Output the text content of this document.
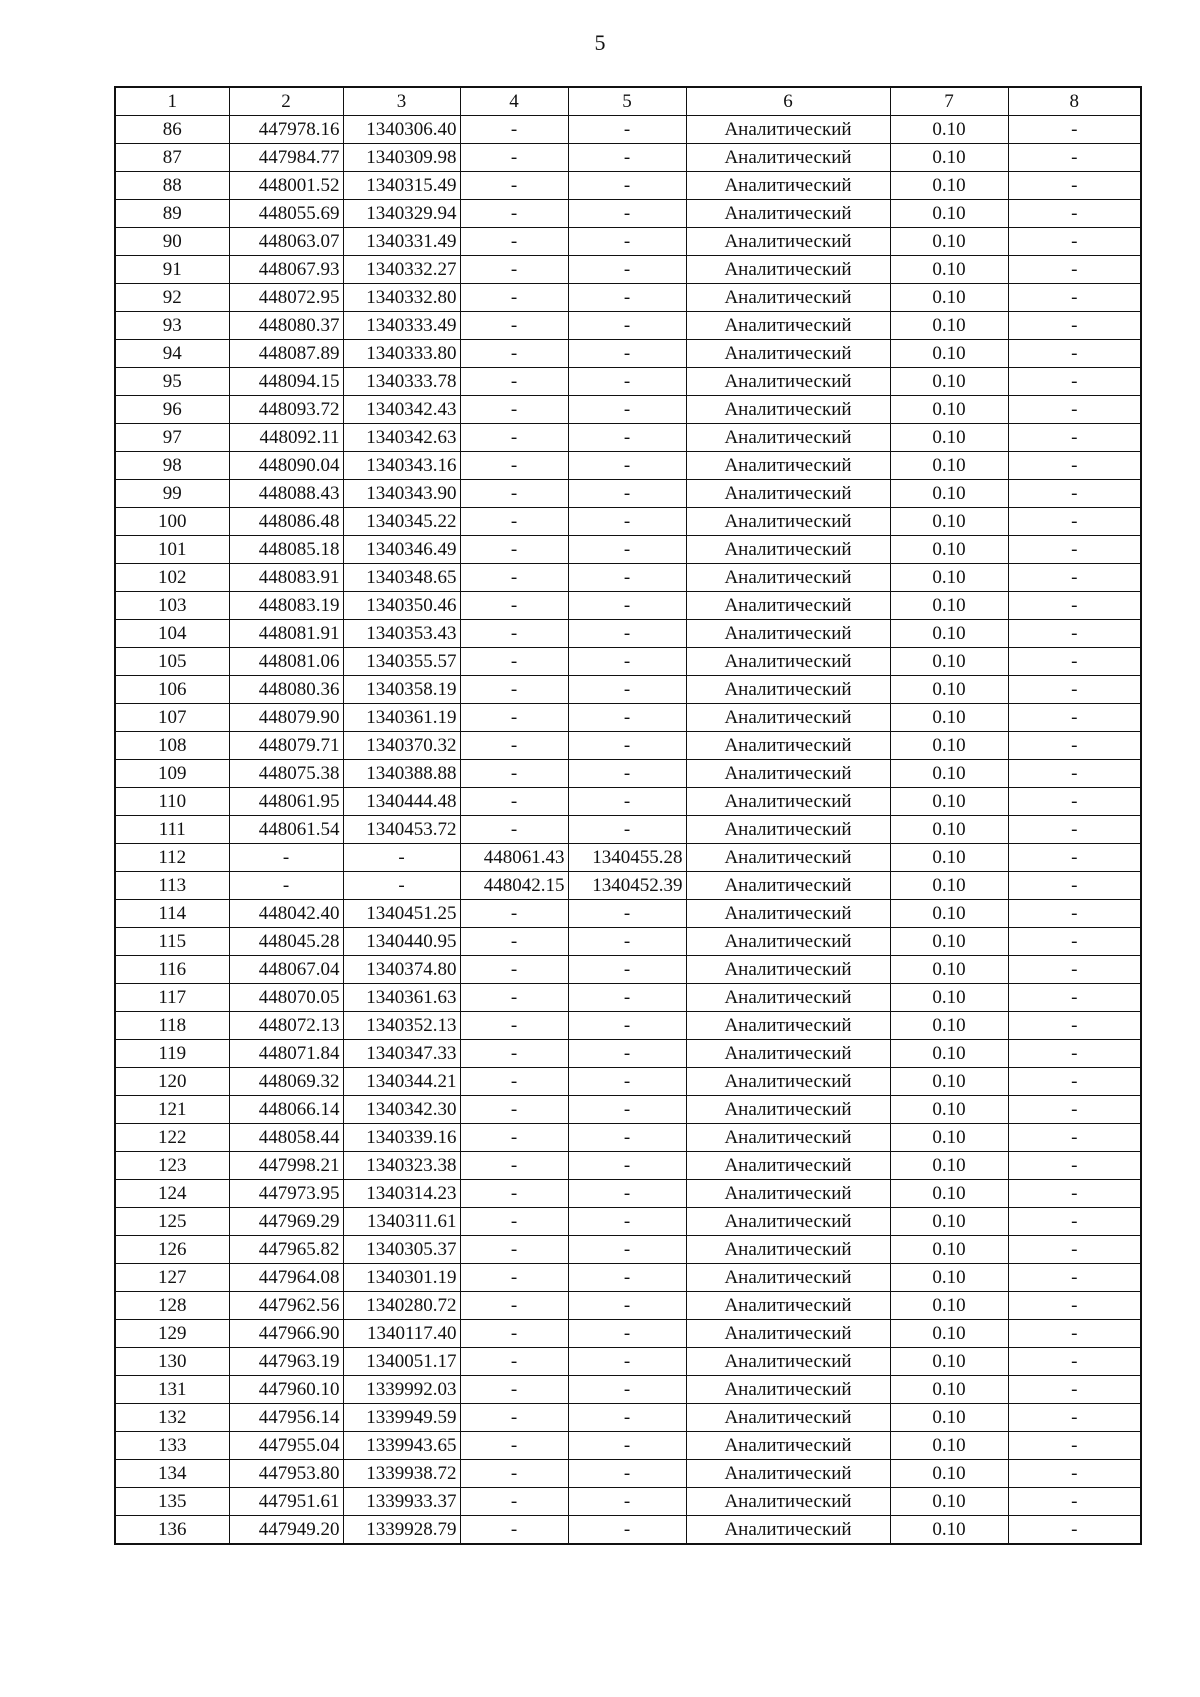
5
1	2	3	4	5	6	7	8
86	447978.16	1340306.40	-	-	Аналитический	0.10	-
87	447984.77	1340309.98	-	-	Аналитический	0.10	-
88	448001.52	1340315.49	-	-	Аналитический	0.10	-
89	448055.69	1340329.94	-	-	Аналитический	0.10	-
90	448063.07	1340331.49	-	-	Аналитический	0.10	-
91	448067.93	1340332.27	-	-	Аналитический	0.10	-
92	448072.95	1340332.80	-	-	Аналитический	0.10	-
93	448080.37	1340333.49	-	-	Аналитический	0.10	-
94	448087.89	1340333.80	-	-	Аналитический	0.10	-
95	448094.15	1340333.78	-	-	Аналитический	0.10	-
96	448093.72	1340342.43	-	-	Аналитический	0.10	-
97	448092.11	1340342.63	-	-	Аналитический	0.10	-
98	448090.04	1340343.16	-	-	Аналитический	0.10	-
99	448088.43	1340343.90	-	-	Аналитический	0.10	-
100	448086.48	1340345.22	-	-	Аналитический	0.10	-
101	448085.18	1340346.49	-	-	Аналитический	0.10	-
102	448083.91	1340348.65	-	-	Аналитический	0.10	-
103	448083.19	1340350.46	-	-	Аналитический	0.10	-
104	448081.91	1340353.43	-	-	Аналитический	0.10	-
105	448081.06	1340355.57	-	-	Аналитический	0.10	-
106	448080.36	1340358.19	-	-	Аналитический	0.10	-
107	448079.90	1340361.19	-	-	Аналитический	0.10	-
108	448079.71	1340370.32	-	-	Аналитический	0.10	-
109	448075.38	1340388.88	-	-	Аналитический	0.10	-
110	448061.95	1340444.48	-	-	Аналитический	0.10	-
111	448061.54	1340453.72	-	-	Аналитический	0.10	-
112	-	-	448061.43	1340455.28	Аналитический	0.10	-
113	-	-	448042.15	1340452.39	Аналитический	0.10	-
114	448042.40	1340451.25	-	-	Аналитический	0.10	-
115	448045.28	1340440.95	-	-	Аналитический	0.10	-
116	448067.04	1340374.80	-	-	Аналитический	0.10	-
117	448070.05	1340361.63	-	-	Аналитический	0.10	-
118	448072.13	1340352.13	-	-	Аналитический	0.10	-
119	448071.84	1340347.33	-	-	Аналитический	0.10	-
120	448069.32	1340344.21	-	-	Аналитический	0.10	-
121	448066.14	1340342.30	-	-	Аналитический	0.10	-
122	448058.44	1340339.16	-	-	Аналитический	0.10	-
123	447998.21	1340323.38	-	-	Аналитический	0.10	-
124	447973.95	1340314.23	-	-	Аналитический	0.10	-
125	447969.29	1340311.61	-	-	Аналитический	0.10	-
126	447965.82	1340305.37	-	-	Аналитический	0.10	-
127	447964.08	1340301.19	-	-	Аналитический	0.10	-
128	447962.56	1340280.72	-	-	Аналитический	0.10	-
129	447966.90	1340117.40	-	-	Аналитический	0.10	-
130	447963.19	1340051.17	-	-	Аналитический	0.10	-
131	447960.10	1339992.03	-	-	Аналитический	0.10	-
132	447956.14	1339949.59	-	-	Аналитический	0.10	-
133	447955.04	1339943.65	-	-	Аналитический	0.10	-
134	447953.80	1339938.72	-	-	Аналитический	0.10	-
135	447951.61	1339933.37	-	-	Аналитический	0.10	-
136	447949.20	1339928.79	-	-	Аналитический	0.10	-
